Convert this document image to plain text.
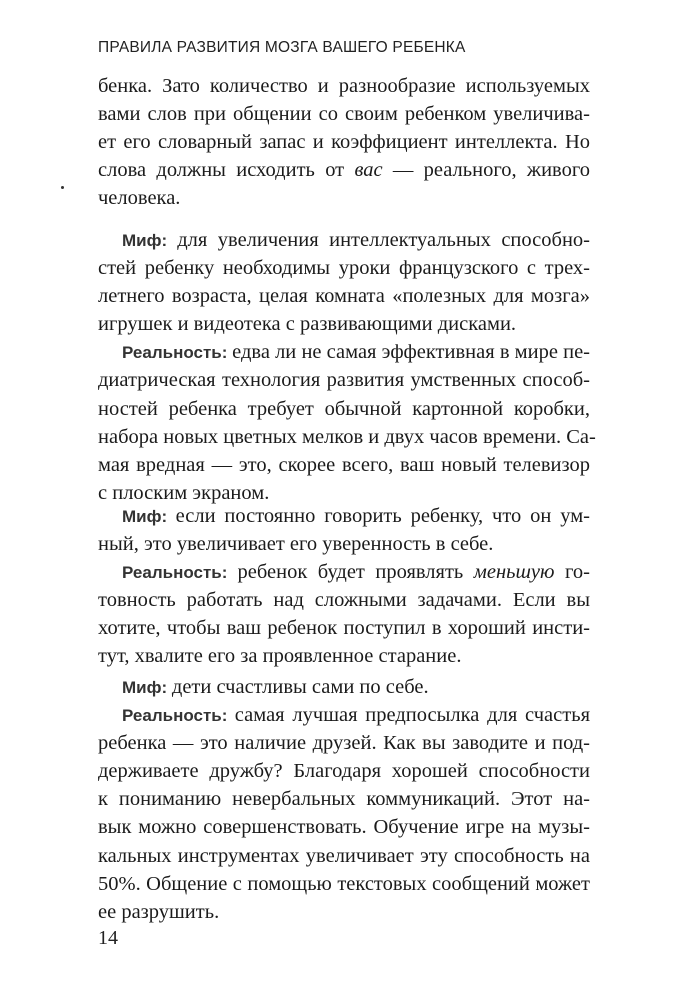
ПРАВИЛА РАЗВИТИЯ МОЗГА ВАШЕГО РЕБЕНКА
бенка. Зато количество и разнообразие используемых
вами слов при общении со своим ребенком увеличива-
ет его словарный запас и коэффициент интеллекта. Но
слова должны исходить от вас — реального, живого
человека.
Миф: для увеличения интеллектуальных способно-
стей ребенку необходимы уроки французского с трех-
летнего возраста, целая комната «полезных для мозга»
игрушек и видеотека с развивающими дисками.
Реальность: едва ли не самая эффективная в мире пе-
диатрическая технология развития умственных способ-
ностей ребенка требует обычной картонной коробки,
набора новых цветных мелков и двух часов времени. Са-
мая вредная — это, скорее всего, ваш новый телевизор
с плоским экраном.
Миф: если постоянно говорить ребенку, что он ум-
ный, это увеличивает его уверенность в себе.
Реальность: ребенок будет проявлять меньшую го-
товность работать над сложными задачами. Если вы
хотите, чтобы ваш ребенок поступил в хороший инсти-
тут, хвалите его за проявленное старание.
Миф: дети счастливы сами по себе.
Реальность: самая лучшая предпосылка для счастья
ребенка — это наличие друзей. Как вы заводите и под-
держиваете дружбу? Благодаря хорошей способности
к пониманию невербальных коммуникаций. Этот на-
вык можно совершенствовать. Обучение игре на музы-
кальных инструментах увеличивает эту способность на
50%. Общение с помощью текстовых сообщений может
ее разрушить.
14
